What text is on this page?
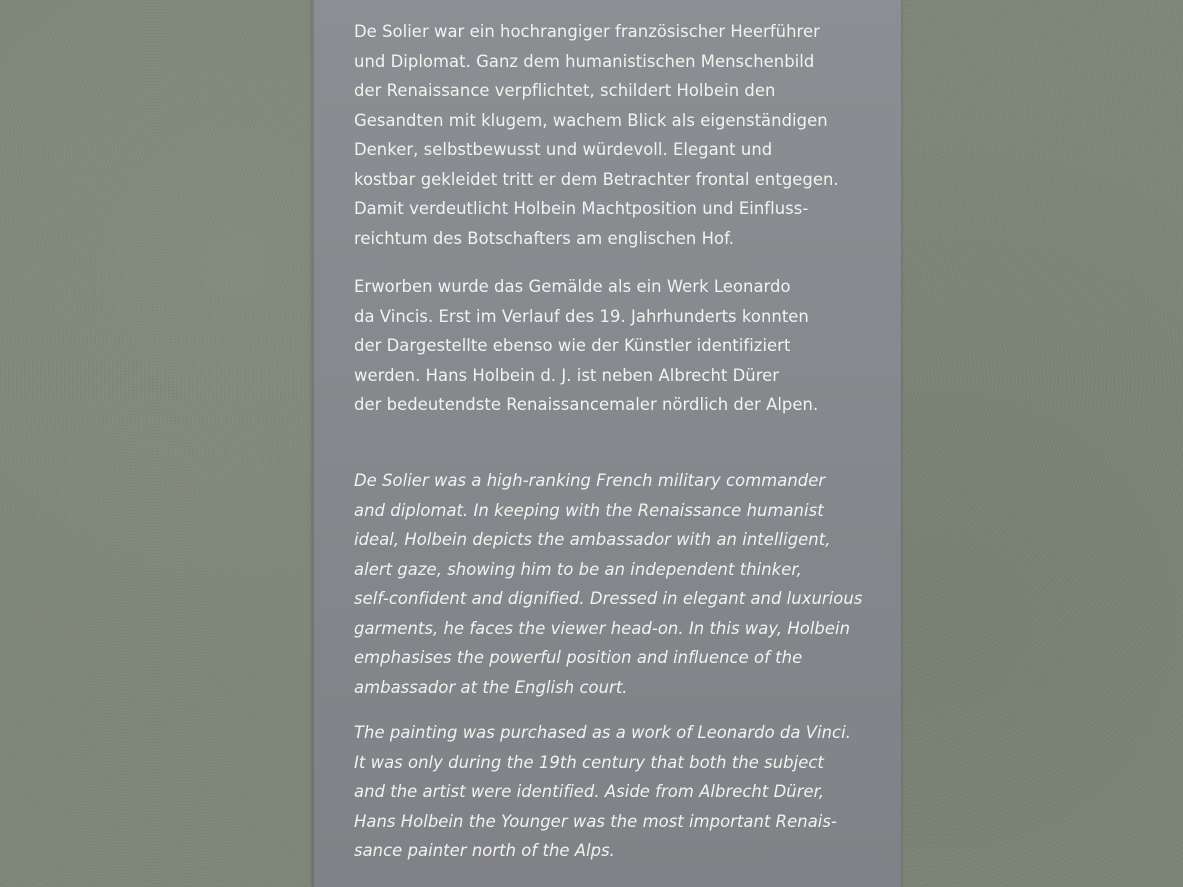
De Solier war ein hochrangiger französischer Heerführer
und Diplomat. Ganz dem humanistischen Menschenbild
der Renaissance verpflichtet, schildert Holbein den
Gesandten mit klugem, wachem Blick als eigenständigen
Denker, selbstbewusst und würdevoll. Elegant und
kostbar gekleidet tritt er dem Betrachter frontal entgegen.
Damit verdeutlicht Holbein Machtposition und Einfluss-
reichtum des Botschafters am englischen Hof.

Erworben wurde das Gemälde als ein Werk Leonardo
da Vincis. Erst im Verlauf des 19. Jahrhunderts konnten
der Dargestellte ebenso wie der Künstler identifiziert
werden. Hans Holbein d. J. ist neben Albrecht Dürer
der bedeutendste Renaissancemaler nördlich der Alpen.

De Solier was a high-ranking French military commander
and diplomat. In keeping with the Renaissance humanist
ideal, Holbein depicts the ambassador with an intelligent,
alert gaze, showing him to be an independent thinker,
self-confident and dignified. Dressed in elegant and luxurious
garments, he faces the viewer head-on. In this way, Holbein
emphasises the powerful position and influence of the
ambassador at the English court.

The painting was purchased as a work of Leonardo da Vinci.
It was only during the 19th century that both the subject
and the artist were identified. Aside from Albrecht Dürer,
Hans Holbein the Younger was the most important Renais-
sance painter north of the Alps.
